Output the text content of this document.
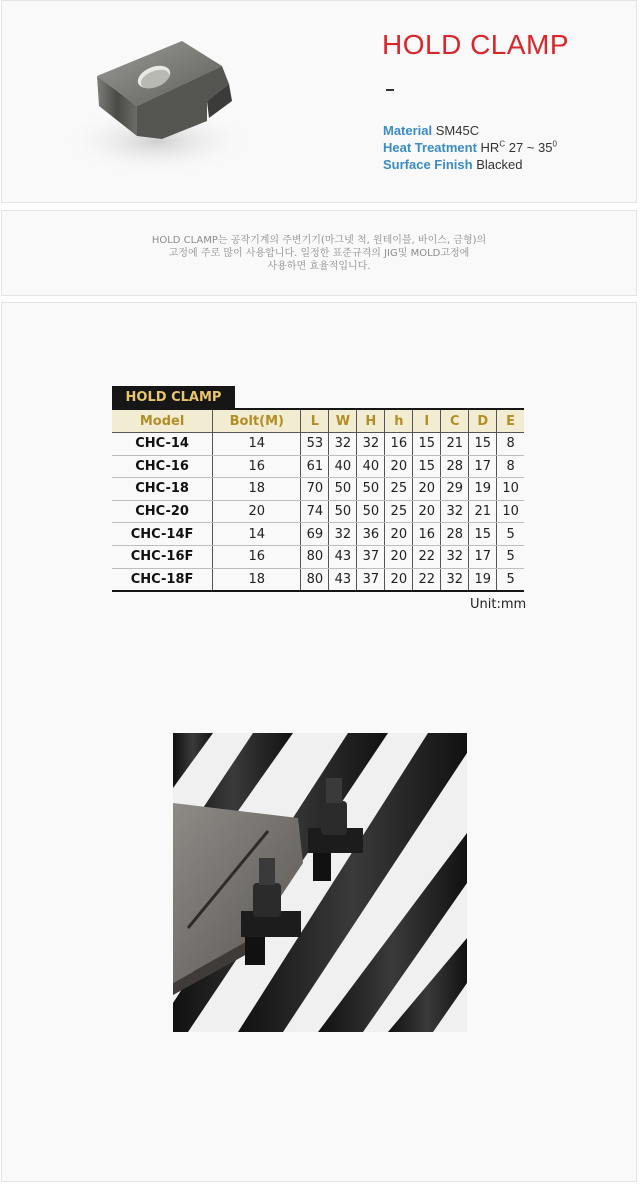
HOLD CLAMP
Material SM45C
Heat Treatment $HR^C$ 27 ~ $35^0$
Surface Finish Blacked
HOLD CLAMP는 공작기계의 주변기기(마그넷 척, 원테이블, 바이스, 금형)의
고정에 주로 많이 사용합니다. 일정한 표준규격의 JIG및 MOLD고정에
사용하면 효율적입니다.
HOLD CLAMP
Model	Bolt(M)	L	W	H	h	I	C	D	E
CHC-14	14	53	32	32	16	15	21	15	8
CHC-16	16	61	40	40	20	15	28	17	8
CHC-18	18	70	50	50	25	20	29	19	10
CHC-20	20	74	50	50	25	20	32	21	10
CHC-14F	14	69	32	36	20	16	28	15	5
CHC-16F	16	80	43	37	20	22	32	17	5
CHC-18F	18	80	43	37	20	22	32	19	5
Unit:mm
